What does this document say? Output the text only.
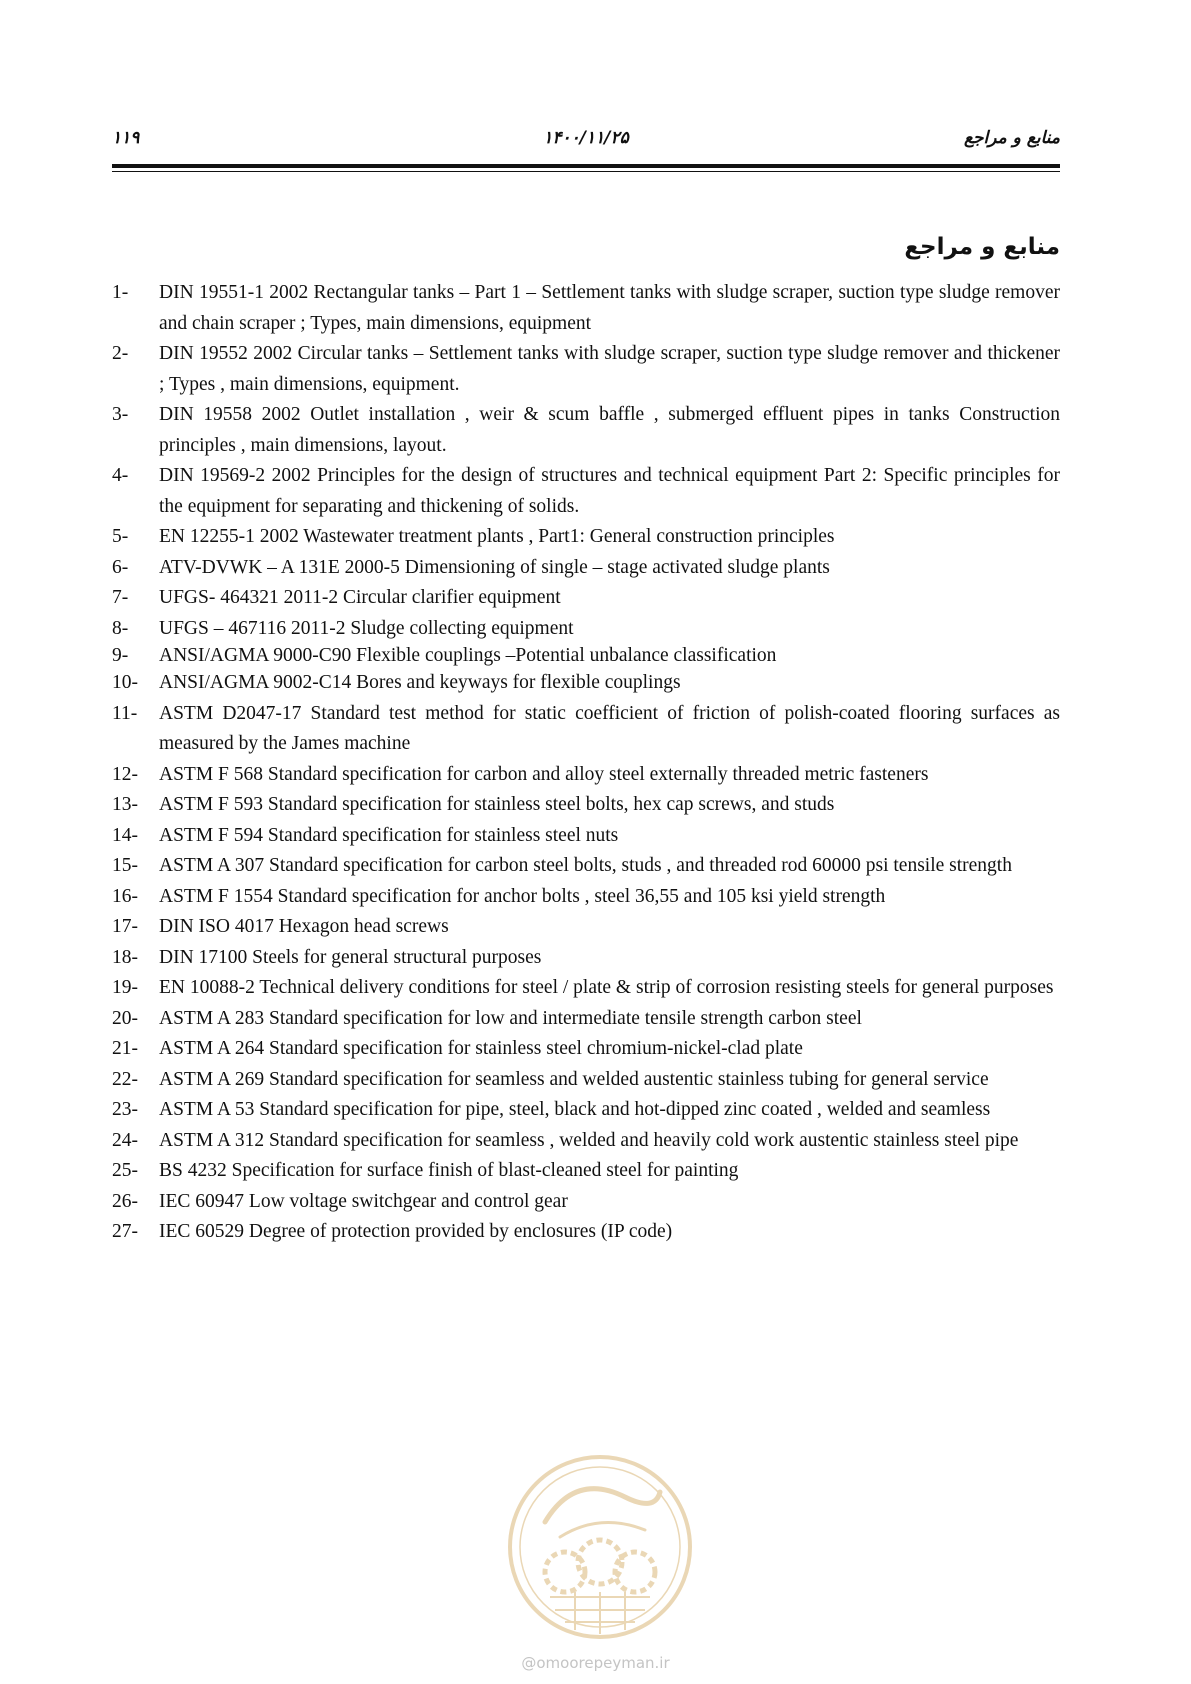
۱۱۹	۱۴۰۰/۱۱/۲۵	منابع و مراجع
منابع و مراجع
1- DIN 19551-1 2002 Rectangular tanks – Part 1 – Settlement tanks with sludge scraper, suction type sludge remover and chain scraper ; Types, main dimensions, equipment
2- DIN 19552 2002 Circular tanks – Settlement tanks with sludge scraper, suction type sludge remover and thickener ; Types , main dimensions, equipment.
3- DIN 19558 2002 Outlet installation , weir & scum baffle , submerged effluent pipes in tanks Construction principles , main dimensions, layout.
4- DIN 19569-2 2002 Principles for the design of structures and technical equipment Part 2: Specific principles for the equipment for separating and thickening of solids.
5- EN 12255-1 2002 Wastewater treatment plants , Part1: General construction principles
6- ATV-DVWK – A 131E 2000-5 Dimensioning of single – stage activated sludge plants
7- UFGS- 464321 2011-2 Circular clarifier equipment
8- UFGS – 467116 2011-2 Sludge collecting equipment
9- ANSI/AGMA 9000-C90 Flexible couplings –Potential unbalance classification
10- ANSI/AGMA 9002-C14 Bores and keyways for flexible couplings
11- ASTM D2047-17 Standard test method for static coefficient of friction of polish-coated flooring surfaces as measured by the James machine
12- ASTM F 568 Standard specification for carbon and alloy steel externally threaded metric fasteners
13- ASTM F 593 Standard specification for stainless steel bolts, hex cap screws, and studs
14- ASTM F 594 Standard specification for stainless steel nuts
15- ASTM A 307 Standard specification for carbon steel bolts, studs , and threaded rod 60000 psi tensile strength
16- ASTM F 1554 Standard specification for anchor bolts , steel 36,55 and 105 ksi yield strength
17- DIN ISO 4017 Hexagon head screws
18- DIN 17100 Steels for general structural purposes
19- EN 10088-2 Technical delivery conditions for steel / plate & strip of corrosion resisting steels for general purposes
20- ASTM A 283 Standard specification for low and intermediate tensile strength carbon steel
21- ASTM A 264 Standard specification for stainless steel chromium-nickel-clad plate
22- ASTM A 269 Standard specification for seamless and welded austentic stainless tubing for general service
23- ASTM A 53 Standard specification for pipe, steel, black and hot-dipped zinc coated , welded and seamless
24- ASTM A 312 Standard specification for seamless , welded and heavily cold work austentic stainless steel pipe
25- BS 4232 Specification for surface finish of blast-cleaned steel for painting
26- IEC 60947 Low voltage switchgear and control gear
27- IEC 60529 Degree of protection provided by enclosures (IP code)
@omoorepeyman.ir
